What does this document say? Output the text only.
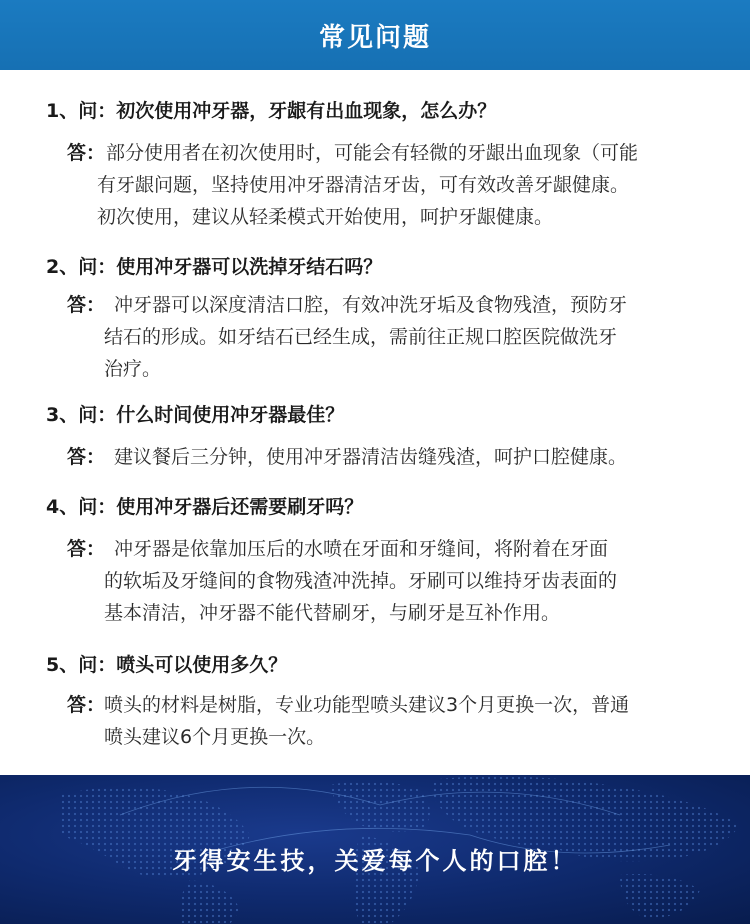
常见问题
1、问：初次使用冲牙器，牙龈有出血现象，怎么办？
答： 部分使用者在初次使用时，可能会有轻微的牙龈出血现象（可能
有牙龈问题，坚持使用冲牙器清洁牙齿，可有效改善牙龈健康。
初次使用，建议从轻柔模式开始使用，呵护牙龈健康。
2、问：使用冲牙器可以洗掉牙结石吗？
答： 冲牙器可以深度清洁口腔，有效冲洗牙垢及食物残渣，预防牙
结石的形成。如牙结石已经生成，需前往正规口腔医院做洗牙
治疗。
3、问：什么时间使用冲牙器最佳？
答： 建议餐后三分钟，使用冲牙器清洁齿缝残渣，呵护口腔健康。
4、问：使用冲牙器后还需要刷牙吗？
答： 冲牙器是依靠加压后的水喷在牙面和牙缝间，将附着在牙面
的软垢及牙缝间的食物残渣冲洗掉。牙刷可以维持牙齿表面的
基本清洁，冲牙器不能代替刷牙，与刷牙是互补作用。
5、问：喷头可以使用多久？
答：
喷头的材料是树脂，专业功能型喷头建议3个月更换一次，普通
喷头建议6个月更换一次。
牙得安生技，关爱每个人的口腔！
